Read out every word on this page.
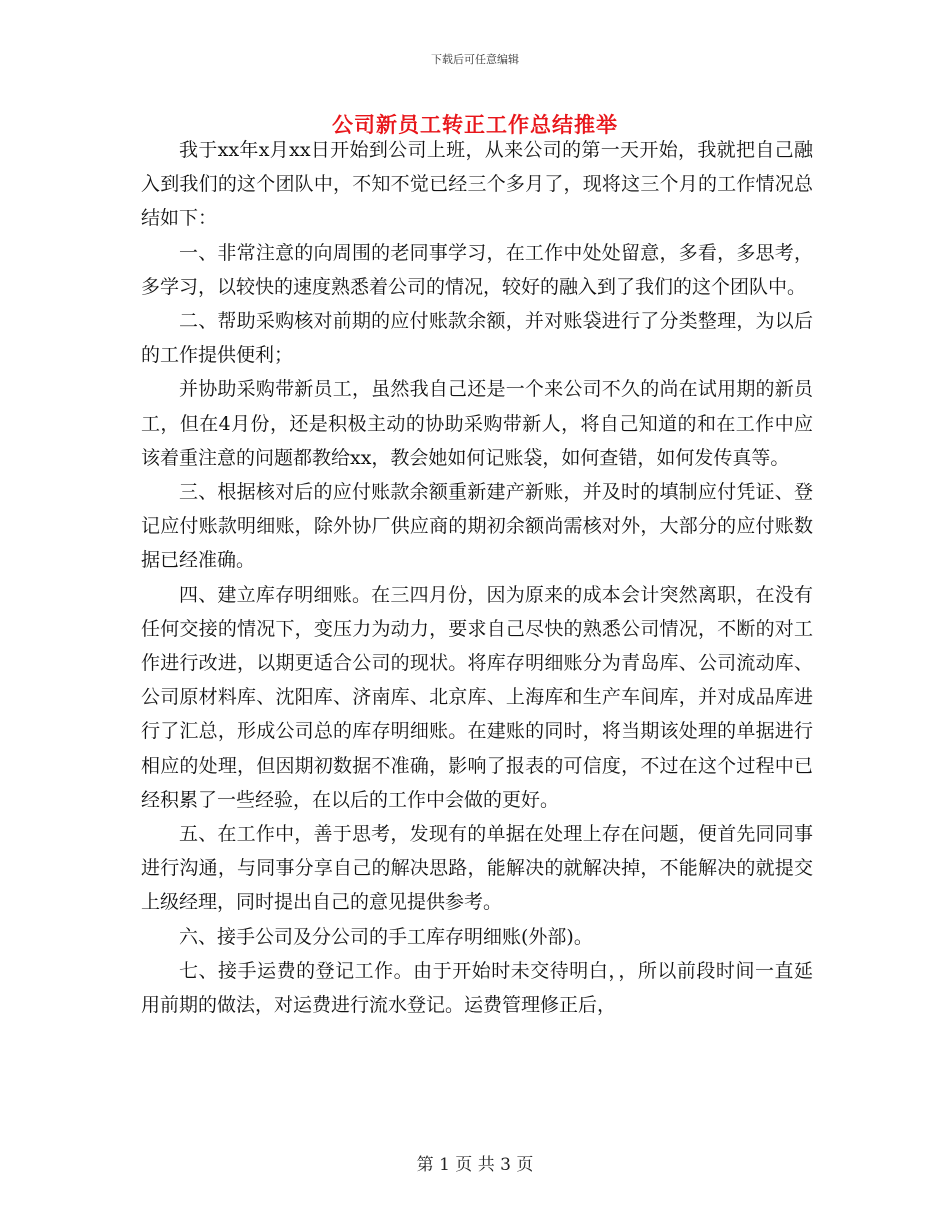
下载后可任意编辑
公司新员工转正工作总结推举

我于xx年x月xx日开始到公司上班，从来公司的第一天开始，我就把自己融入到我们的这个团队中，不知不觉已经三个多月了，现将这三个月的工作情况总结如下：

一、非常注意的向周围的老同事学习，在工作中处处留意，多看，多思考，多学习，以较快的速度熟悉着公司的情况，较好的融入到了我们的这个团队中。

二、帮助采购核对前期的应付账款余额，并对账袋进行了分类整理，为以后的工作提供便利；

并协助采购带新员工，虽然我自己还是一个来公司不久的尚在试用期的新员工，但在4月份，还是积极主动的协助采购带新人，将自己知道的和在工作中应该着重注意的问题都教给xx，教会她如何记账袋，如何查错，如何发传真等。

三、根据核对后的应付账款余额重新建产新账，并及时的填制应付凭证、登记应付账款明细账，除外协厂供应商的期初余额尚需核对外，大部分的应付账数据已经准确。

四、建立库存明细账。在三四月份，因为原来的成本会计突然离职，在没有任何交接的情况下，变压力为动力，要求自己尽快的熟悉公司情况，不断的对工作进行改进，以期更适合公司的现状。将库存明细账分为青岛库、公司流动库、公司原材料库、沈阳库、济南库、北京库、上海库和生产车间库，并对成品库进行了汇总，形成公司总的库存明细账。在建账的同时，将当期该处理的单据进行相应的处理，但因期初数据不准确，影响了报表的可信度，不过在这个过程中已经积累了一些经验，在以后的工作中会做的更好。

五、在工作中，善于思考，发现有的单据在处理上存在问题，便首先同同事进行沟通，与同事分享自己的解决思路，能解决的就解决掉，不能解决的就提交上级经理，同时提出自己的意见提供参考。

六、接手公司及分公司的手工库存明细账(外部)。

七、接手运费的登记工作。由于开始时未交待明白，，所以前段时间一直延用前期的做法，对运费进行流水登记。运费管理修正后，

第 1 页 共 3 页
